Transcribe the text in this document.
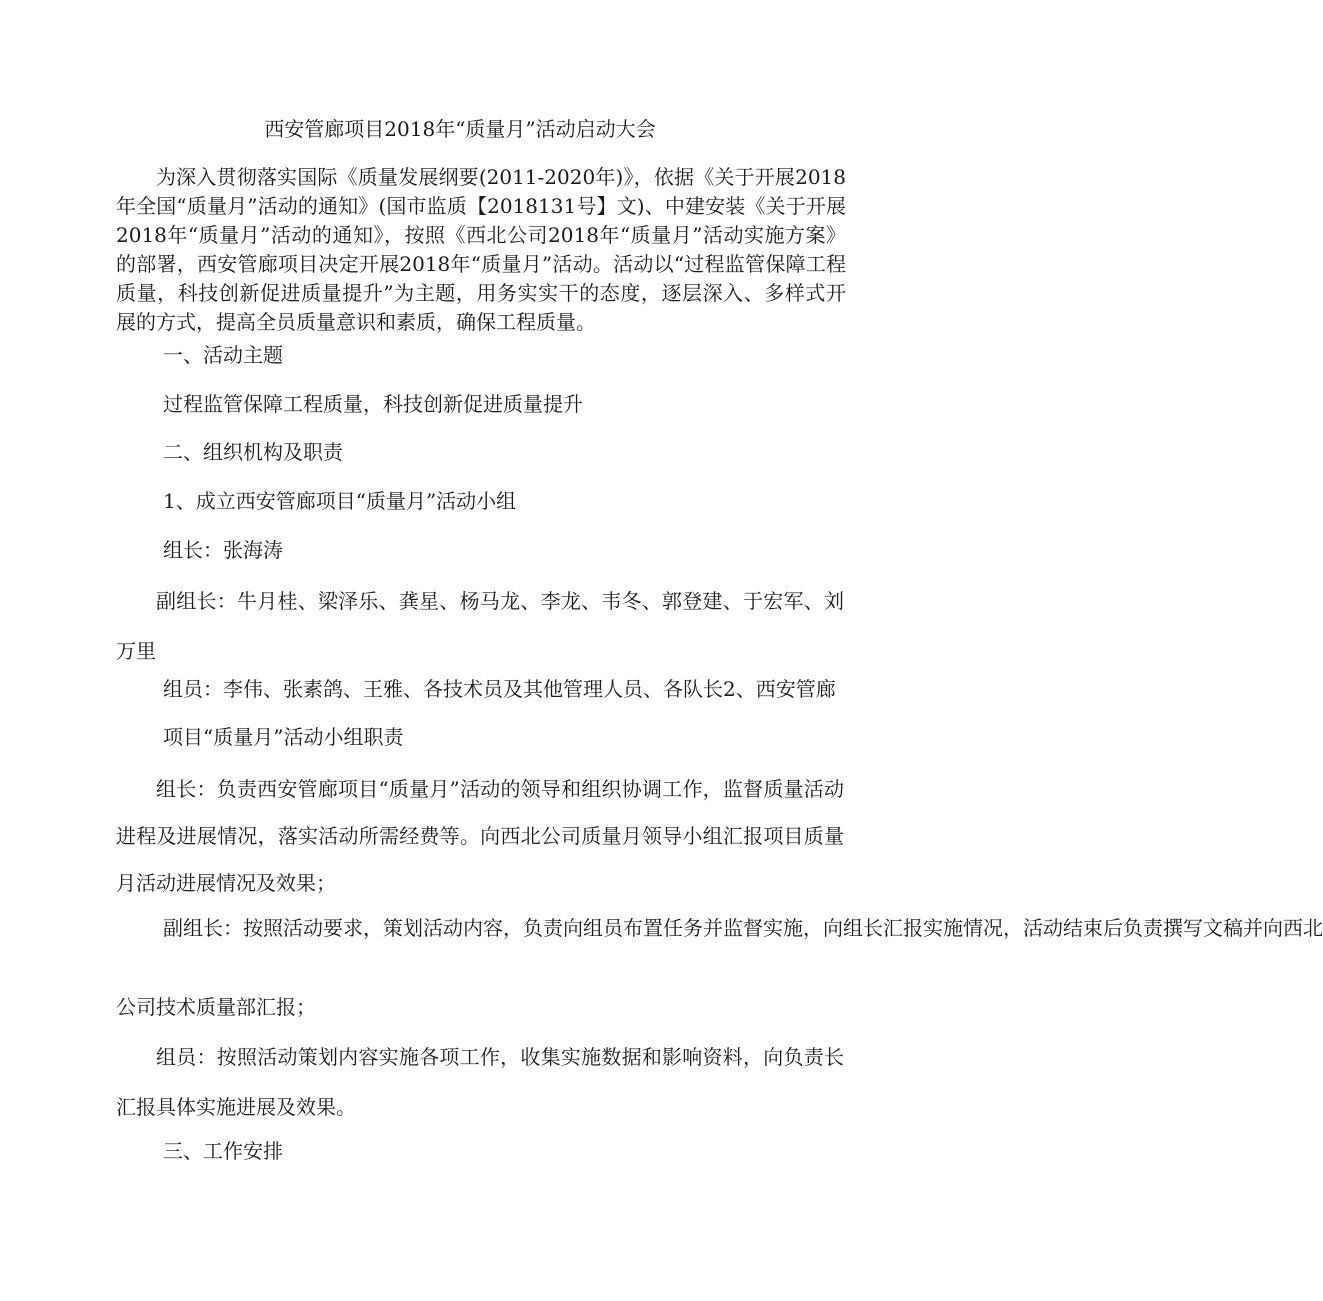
西安管廊项目2018年“质量月”活动启动大会

为深入贯彻落实国际《质量发展纲要(2011-2020年)》，依据《关于开展2018年全国“质量月”活动的通知》(国市监质【2018131号】文)、中建安装《关于开展2018年“质量月”活动的通知》，按照《西北公司2018年“质量月”活动实施方案》的部署，西安管廊项目决定开展2018年“质量月”活动。活动以“过程监管保障工程质量，科技创新促进质量提升”为主题，用务实实干的态度，逐层深入、多样式开展的方式，提高全员质量意识和素质，确保工程质量。

一、活动主题

过程监管保障工程质量，科技创新促进质量提升

二、组织机构及职责

1、成立西安管廊项目“质量月”活动小组

组长：张海涛

副组长：牛月桂、梁泽乐、龚星、杨马龙、李龙、韦冬、郭登建、于宏军、刘万里

组员：李伟、张素鸽、王雅、各技术员及其他管理人员、各队长2、西安管廊

项目“质量月”活动小组职责

组长：负责西安管廊项目“质量月”活动的领导和组织协调工作，监督质量活动进程及进展情况，落实活动所需经费等。向西北公司质量月领导小组汇报项目质量月活动进展情况及效果；

副组长：按照活动要求，策划活动内容，负责向组员布置任务并监督实施，向组长汇报实施情况，活动结束后负责撰写文稿并向西北

公司技术质量部汇报；

组员：按照活动策划内容实施各项工作，收集实施数据和影响资料，向负责长汇报具体实施进展及效果。

三、工作安排
